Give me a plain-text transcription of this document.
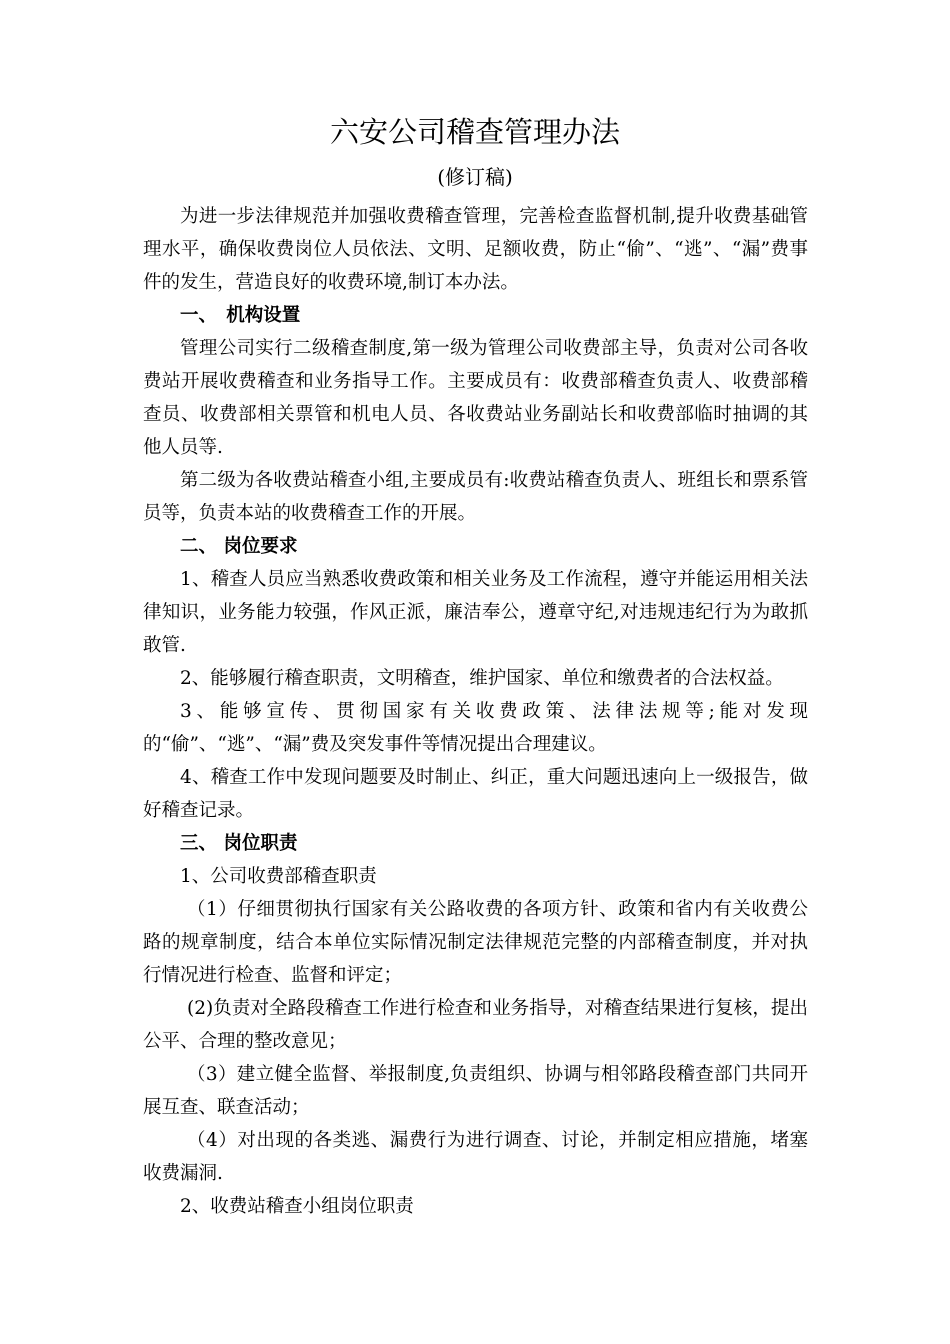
六安公司稽查管理办法
(修订稿)

为进一步法律规范并加强收费稽查管理，完善检查监督机制,提升收费基础管理水平，确保收费岗位人员依法、文明、足额收费，防止“偷”、“逃”、“漏”费事件的发生，营造良好的收费环境,制订本办法。

一、　机构设置

管理公司实行二级稽查制度,第一级为管理公司收费部主导，负责对公司各收费站开展收费稽查和业务指导工作。主要成员有：收费部稽查负责人、收费部稽查员、收费部相关票管和机电人员、各收费站业务副站长和收费部临时抽调的其他人员等.

第二级为各收费站稽查小组,主要成员有:收费站稽查负责人、班组长和票系管员等，负责本站的收费稽查工作的开展。

二、 岗位要求

1、稽查人员应当熟悉收费政策和相关业务及工作流程，遵守并能运用相关法律知识，业务能力较强，作风正派，廉洁奉公，遵章守纪,对违规违纪行为为敢抓敢管.

2、能够履行稽查职责，文明稽查，维护国家、单位和缴费者的合法权益。

3、能够宣传、贯彻国家有关收费政策、法律法规等;能对发现的“偷”、“逃”、“漏”费及突发事件等情况提出合理建议。

4、稽查工作中发现问题要及时制止、纠正，重大问题迅速向上一级报告，做好稽查记录。

三、 岗位职责

1、公司收费部稽查职责

（1）仔细贯彻执行国家有关公路收费的各项方针、政策和省内有关收费公路的规章制度，结合本单位实际情况制定法律规范完整的内部稽查制度，并对执行情况进行检查、监督和评定；

(2)负责对全路段稽查工作进行检查和业务指导，对稽查结果进行复核，提出公平、合理的整改意见；

（3）建立健全监督、举报制度,负责组织、协调与相邻路段稽查部门共同开展互查、联查活动；

（4）对出现的各类逃、漏费行为进行调查、讨论，并制定相应措施，堵塞收费漏洞.

2、收费站稽查小组岗位职责
